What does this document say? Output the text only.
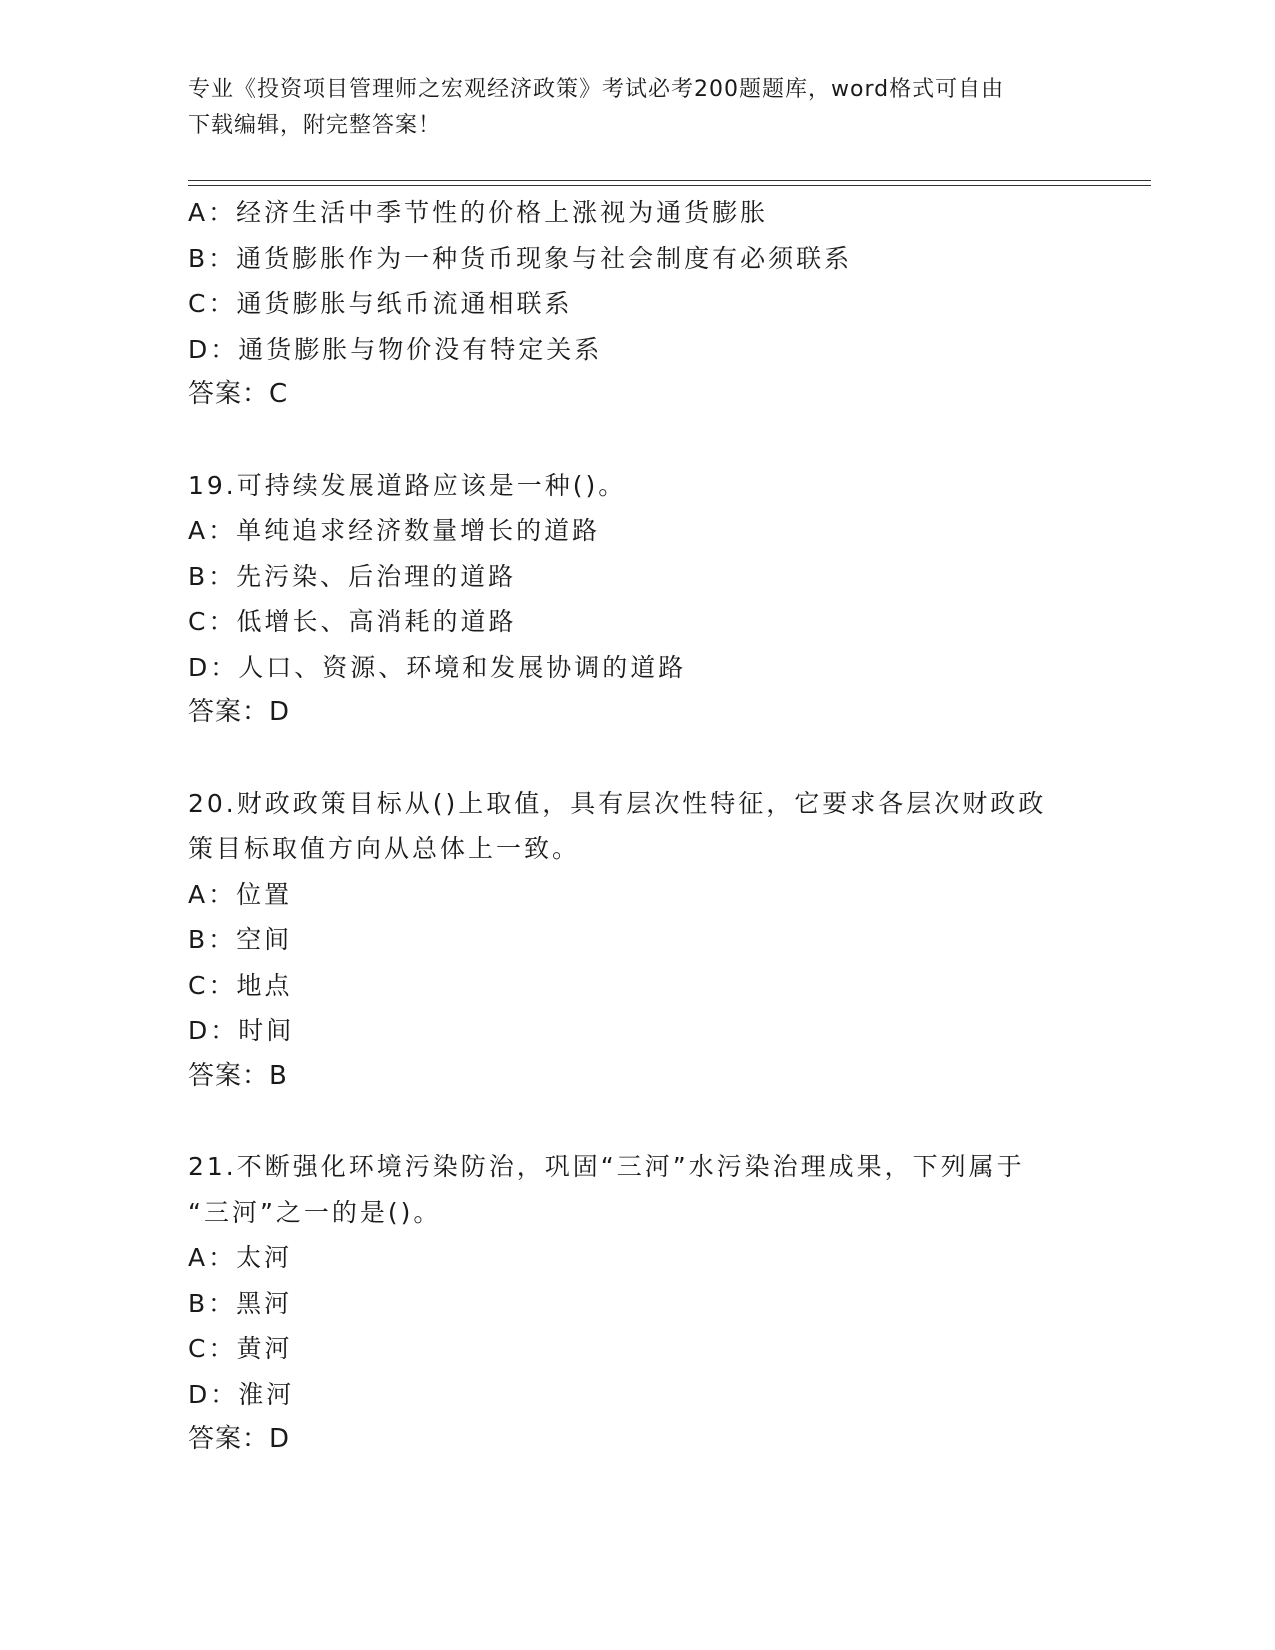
专业《投资项目管理师之宏观经济政策》考试必考200题题库，word格式可自由
下载编辑，附完整答案！
A：经济生活中季节性的价格上涨视为通货膨胀
B：通货膨胀作为一种货币现象与社会制度有必须联系
C：通货膨胀与纸币流通相联系
D：通货膨胀与物价没有特定关系
答案：C
19.可持续发展道路应该是一种()。
A：单纯追求经济数量增长的道路
B：先污染、后治理的道路
C：低增长、高消耗的道路
D：人口、资源、环境和发展协调的道路
答案：D
20.财政政策目标从()上取值，具有层次性特征，它要求各层次财政政
策目标取值方向从总体上一致。
A：位置
B：空间
C：地点
D：时间
答案：B
21.不断强化环境污染防治，巩固“三河”水污染治理成果，下列属于
“三河”之一的是()。
A：太河
B：黑河
C：黄河
D：淮河
答案：D
